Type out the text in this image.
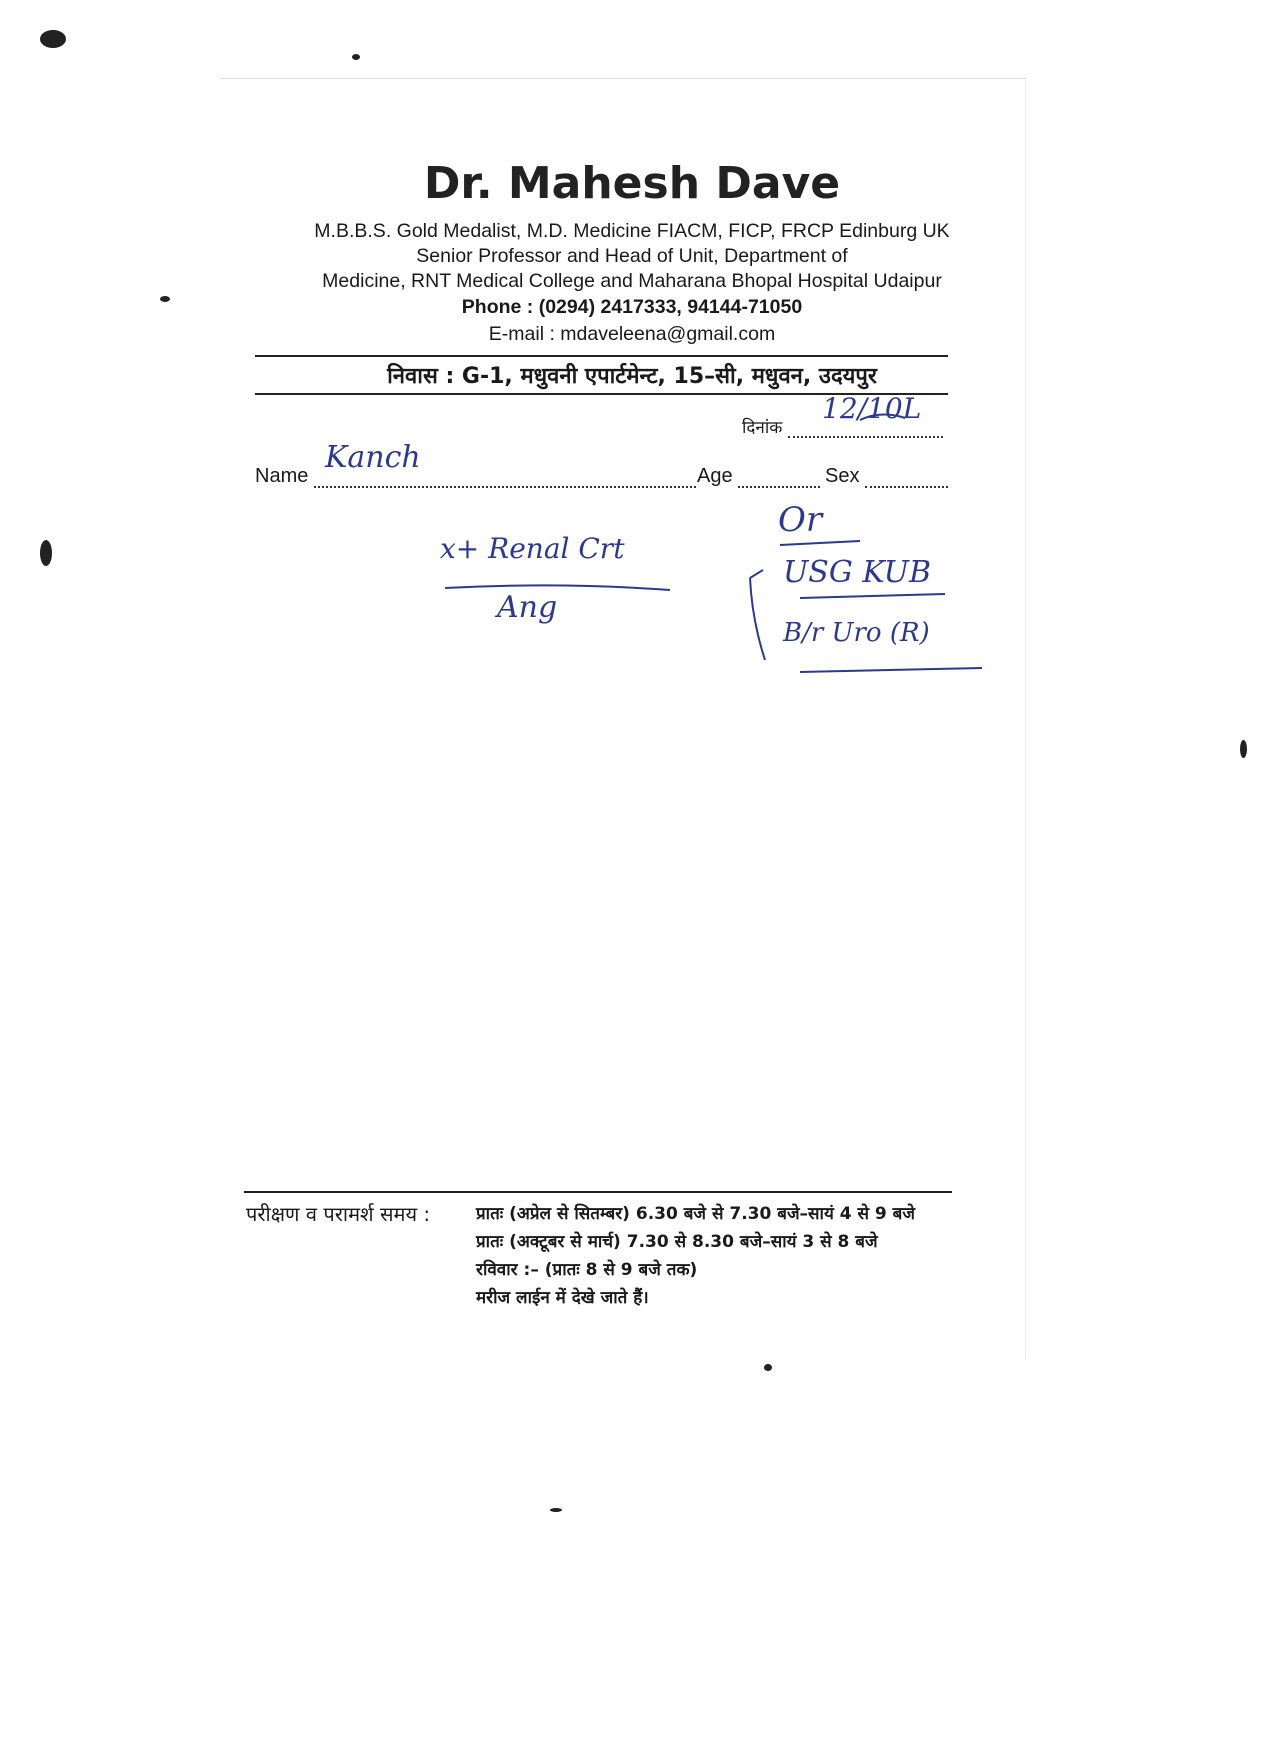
Dr. Mahesh Dave
M.B.B.S. Gold Medalist, M.D. Medicine FIACM, FICP, FRCP Edinburg UK
Senior Professor and Head of Unit, Department of
Medicine, RNT Medical College and Maharana Bhopal Hospital Udaipur
Phone : (0294) 2417333, 94144-71050
E-mail : mdaveleena@gmail.com
निवास : G-1, मधुवनी एपार्टमेन्ट, 15–सी, मधुवन, उदयपुर
दिनांक
12/10L
Name
Kanch
Age	Sex
x+ Renal Crt
Ang
Or
USG KUB
B/r Uro (R)
परीक्षण व परामर्श समय :	प्रातः (अप्रेल से सितम्बर) 6.30 बजे से 7.30 बजे–सायं 4 से 9 बजे
प्रातः (अक्टूबर से मार्च) 7.30 से 8.30 बजे–सायं 3 से 8 बजे
रविवार :– (प्रातः 8 से 9 बजे तक)
मरीज लाईन में देखे जाते हैं।
